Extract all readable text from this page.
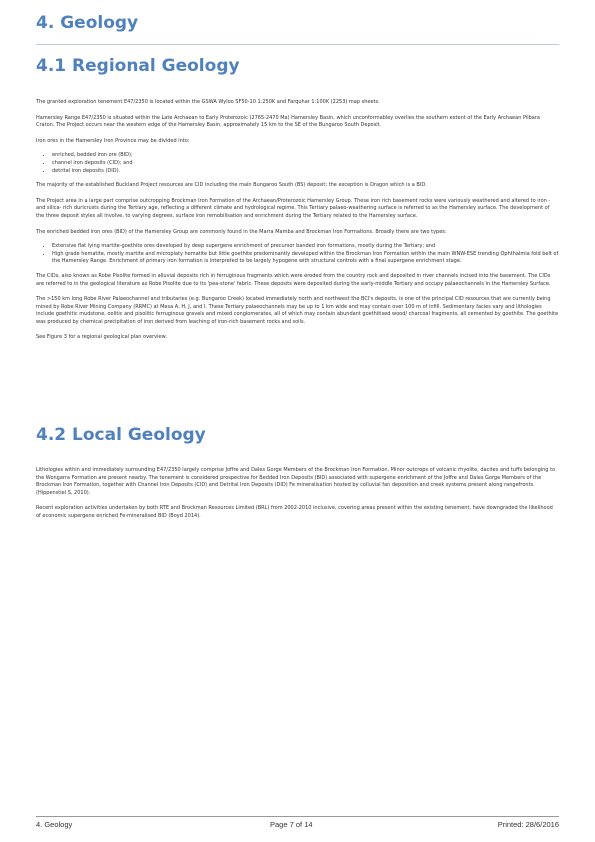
4. Geology
4.1 Regional Geology

The granted exploration tenement E47/2350 is located within the GSWA Wyloo SF50-10 1:250K and Farquhar 1:100K (2253) map sheets.

Hamersley Range E47/2350 is situated within the Late Archaean to Early Proterozoic (2765-2470 Ma) Hamersley Basin, which unconformabley overlies the southern extent of the Early Archaean Pilbara Craton. The Project occurs near the western edge of the Hamersley Basin, approximately 15 km to the SE of the Bungaroo South Deposit.

Iron ores in the Hamersley Iron Province may be divided into:

• enriched, bedded iron ore (BID);
• channel iron deposits (CID); and
• detrital iron deposits (DID).

The majority of the established Buckland Project resources are CID including the main Bungaroo South (BS) deposit; the exception is Dragon which is a BID.

The Project area in a large part comprise outcropping Brockman Iron Formation of the Archaean/Proterozoic Hamersley Group. These iron rich basement rocks were variously weathered and altered to iron - and silica- rich duricrusts during the Tertiary age, reflecting a different climate and hydrological regime. This Tertiary palaeo-weathering surface is referred to as the Hamersley surface. The development of the three deposit styles all involve, to varying degrees, surface iron remobilisation and enrichment during the Tertiary related to the Hamersley surface.

The enriched bedded iron ores (BID) of the Hamersley Group are commonly found in the Marra Mamba and Brockman Iron Formations. Broadly there are two types:

• Extensive flat lying martite-goethite ores developed by deep supergene enrichment of precursor banded iron formations, mostly during the Tertiary; and
• High grade hematite, mostly martite and microplaty hematite but little goethite predominantly developed within the Brockman Iron Formation within the main WNW-ESE trending Ophthalmia fold belt of the Hamersley Range. Enrichment of primary iron formation is interpreted to be largely hypogene with structural controls with a final supergene enrichment stage.

The CIDs, also known as Robe Pisolite formed in alluvial deposits rich in ferruginous fragments which were eroded from the country rock and deposited in river channels incised into the basement. The CIDs are referred to in the geological literature as Robe Pisolite due to its 'pea-stone' fabric. These deposits were deposited during the early-middle Tertiary and occupy palaeochannels in the Hamersley Surface.

The >150 km long Robe River Palaeochannel and tributaries (e.g. Bungaroo Creek) located immediately north and northwest the BCI's deposits, is one of the principal CID resources that are currently being mined by Robe River Mining Company (RRMC) at Mesa A, H, J, and I. These Tertiary palaeochannels may be up to 1 km wide and may contain over 100 m of infill. Sedimentary facies vary and lithologies include goethitic mudstone, oolitic and pisolitic ferruginous gravels and mixed conglomerates, all of which may contain abundant goethitised wood/ charcoal fragments, all cemented by goethite. The goethite was produced by chemical precipitation of iron derived from leaching of iron-rich basement rocks and soils.

See Figure 3 for a regional geological plan overview.

4.2 Local Geology

Lithologies within and immediately surrounding E47/2350 largely comprise Joffre and Dales Gorge Members of the Brockman Iron Formation. Minor outcrops of volcanic rhyolite, dacites and tuffs belonging to the Wongarra Formation are present nearby. The tenement is considered prospective for Bedded Iron Deposits (BID) associated with supergene enrichment of the Joffre and Dales Gorge Members of the Brockman Iron Formation, together with Channel Iron Deposits (CID) and Detrital Iron Deposits (DID) Fe mineralisation hosted by colluvial fan deposition and creek systems present along rangefronts. (Hippenstiel S, 2010).

Recent exploration activities undertaken by both RTE and Brockman Resources Limited (BRL) from 2002-2010 inclusive, covering areas present within the existing tenement, have downgraded the likelihood of economic supergene enriched Fe-mineralised BID (Boyd 2014).

4. Geology	Page 7 of 14	Printed: 28/6/2016
